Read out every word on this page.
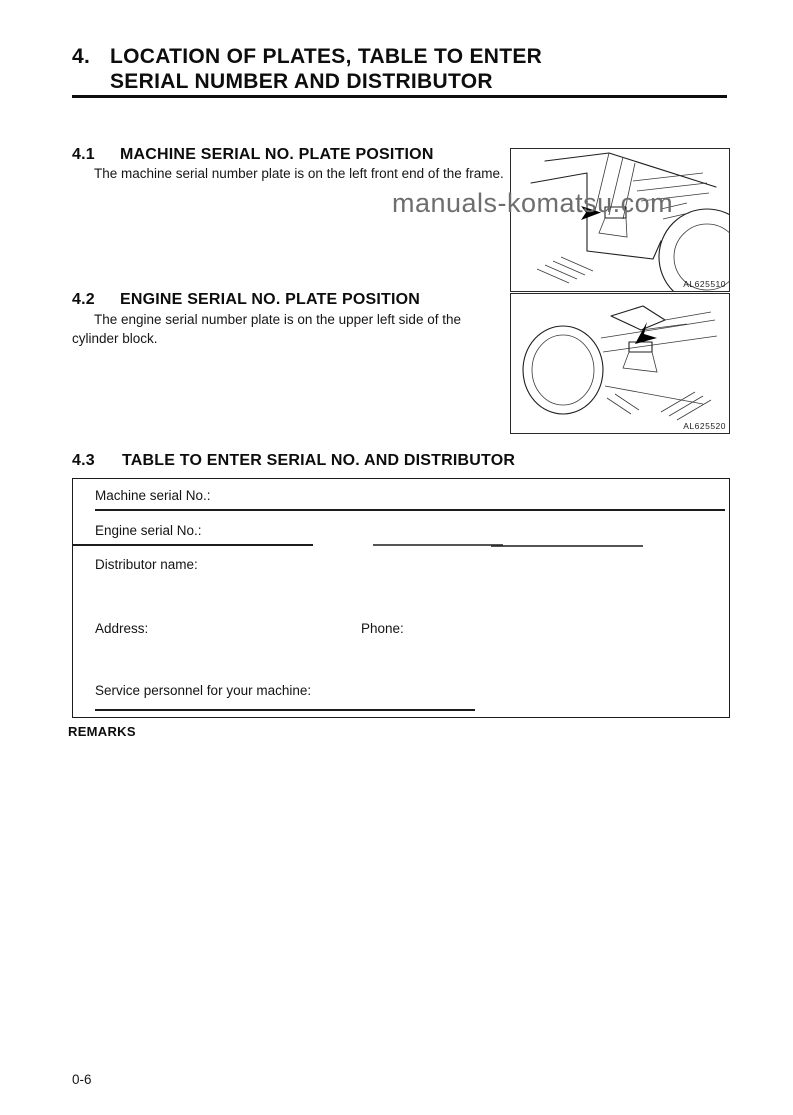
4. LOCATION OF PLATES, TABLE TO ENTER
SERIAL NUMBER AND DISTRIBUTOR
4.1 MACHINE SERIAL NO. PLATE POSITION
The machine serial number plate is on the left front end of the frame.
AL625510
manuals-komatsu.com
4.2 ENGINE SERIAL NO. PLATE POSITION
The engine serial number plate is on the upper left side of the cylinder block.
AL625520
4.3 TABLE TO ENTER SERIAL NO. AND DISTRIBUTOR
Machine serial No.:
Engine serial No.:
Distributor name:
Address:	Phone:
Service personnel for your machine:
REMARKS
0-6
